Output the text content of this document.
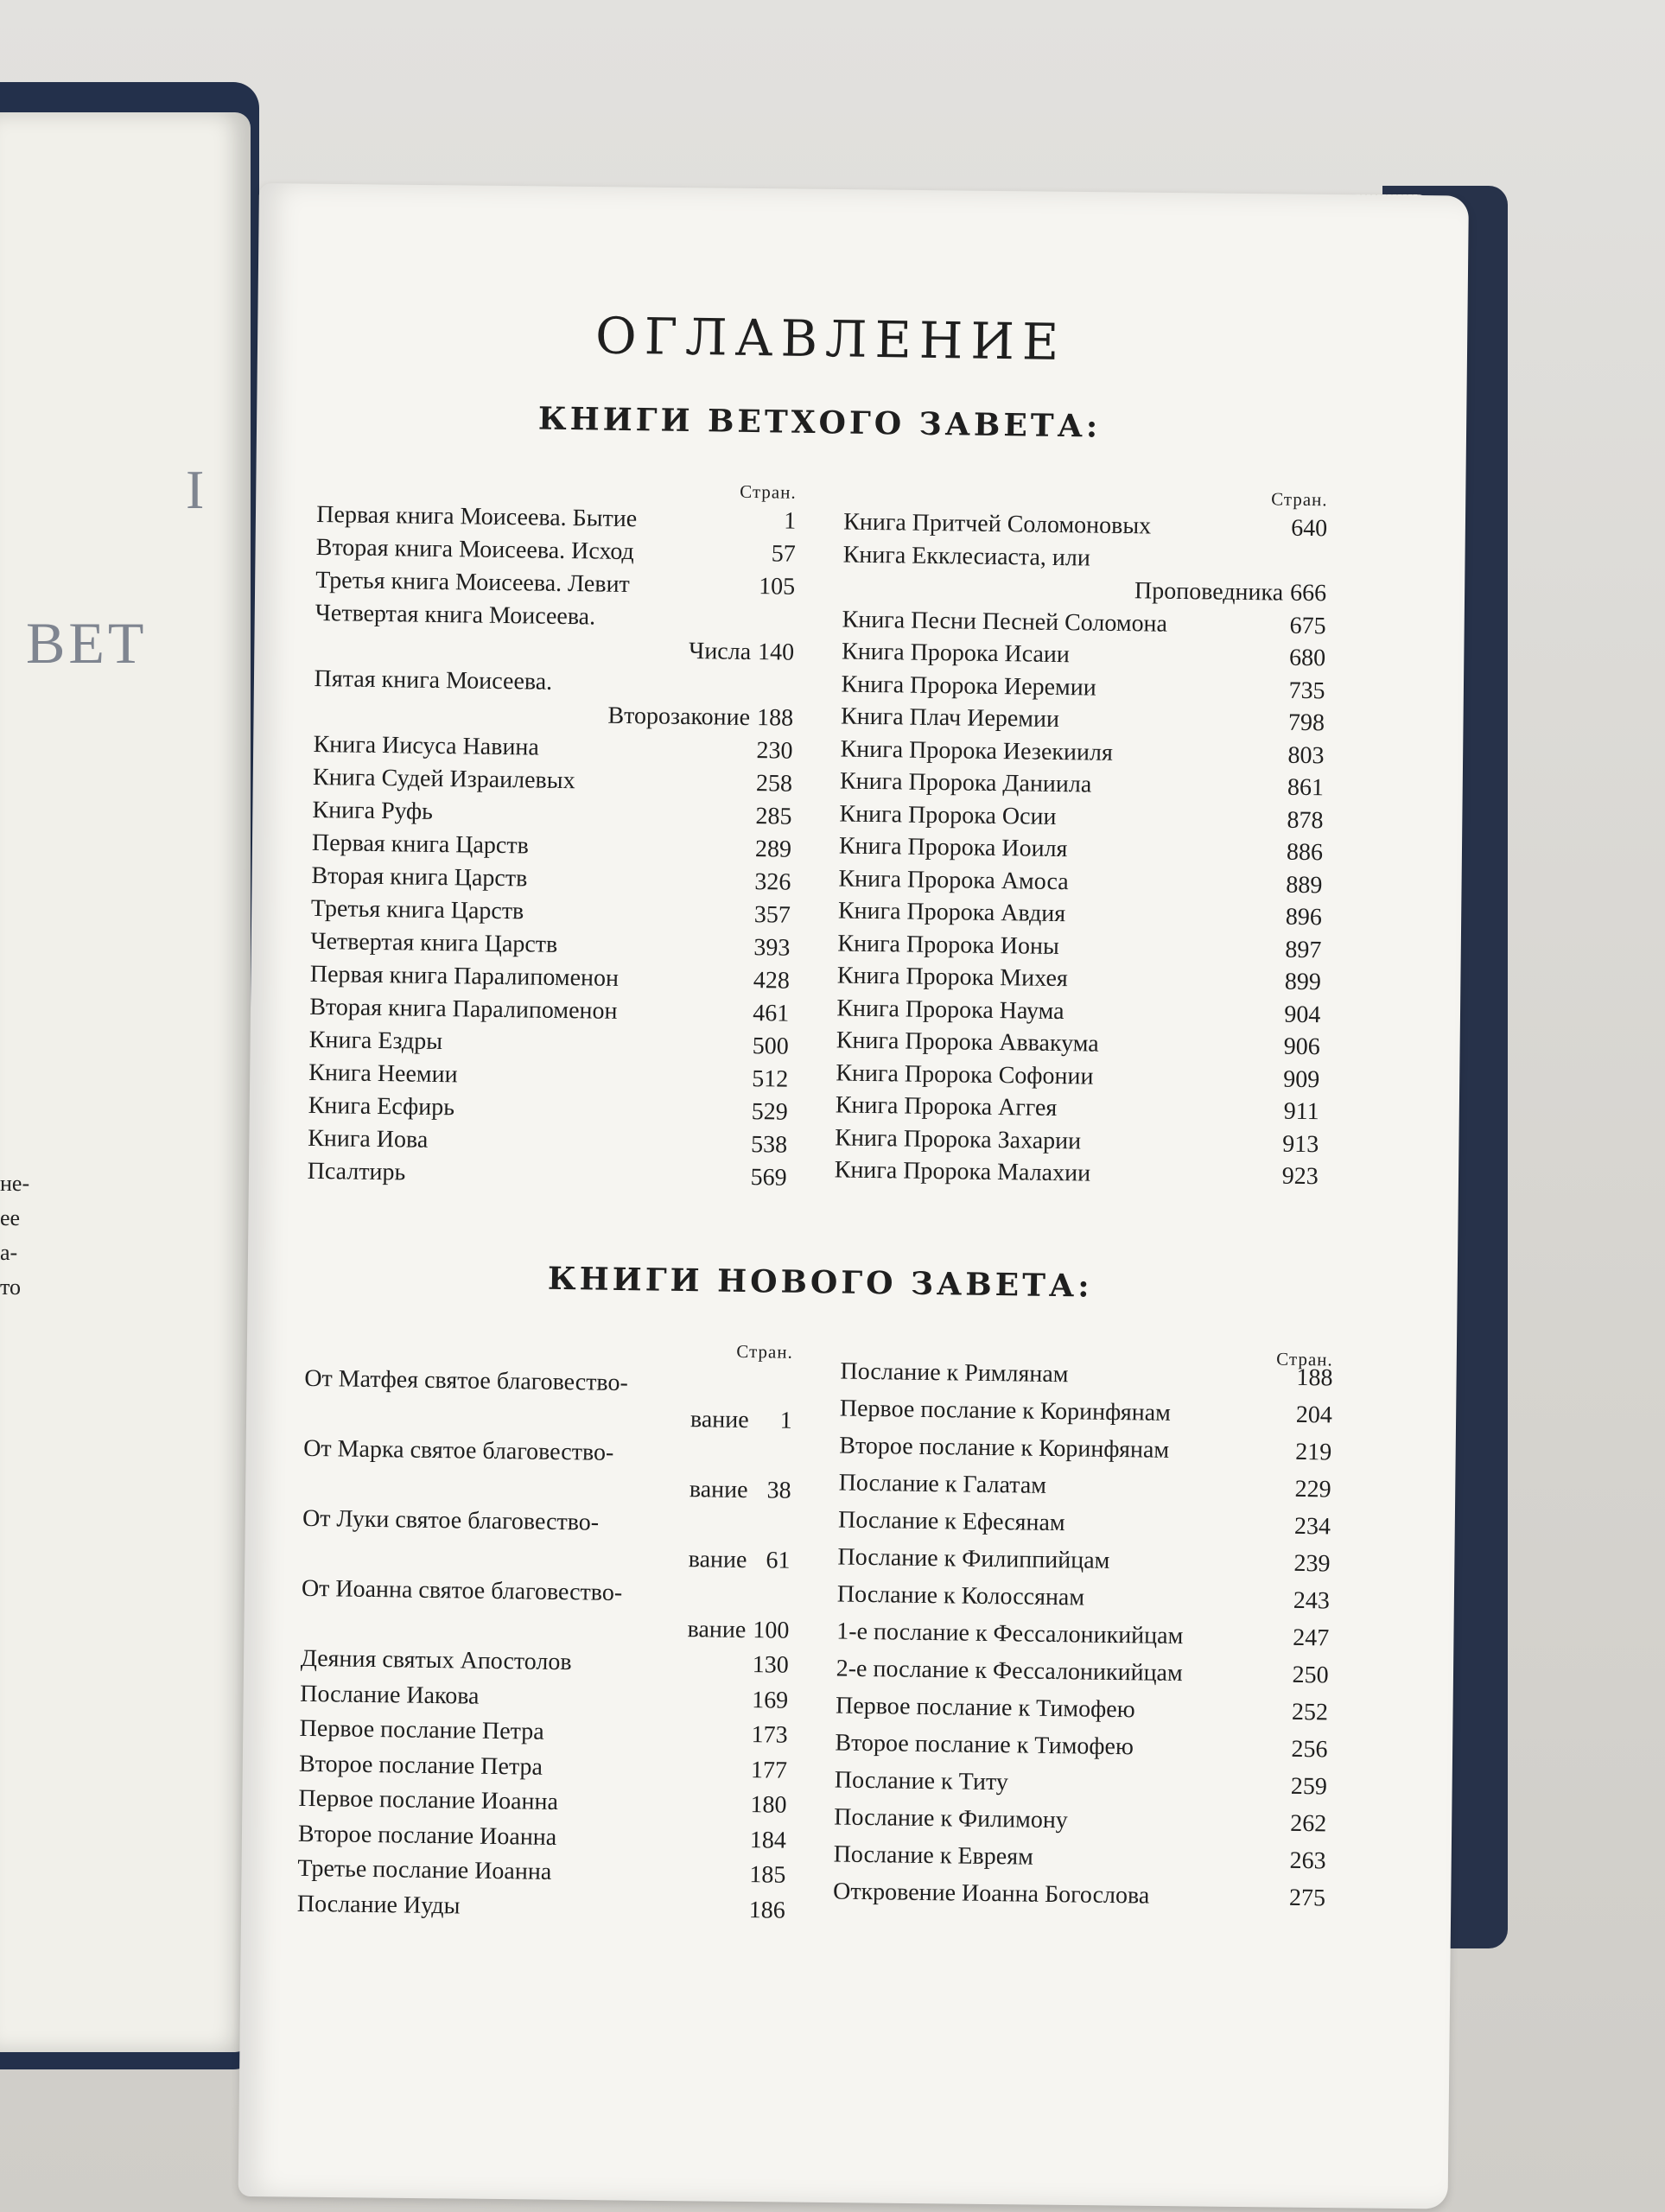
I
ВЕТ
не-
ее
а-
то
ОГЛАВЛЕНИЕ
КНИГИ ВЕТХОГО ЗАВЕТА:
Стран.
Первая книга Моисеева. Бытие	1
Вторая книга Моисеева. Исход	57
Третья книга Моисеева. Левит	105
Четвертая книга Моисеева.
Числа 140
Пятая книга Моисеева.
Второзаконие 188
Книга Иисуса Навина	230
Книга Судей Израилевых	258
Книга Руфь	285
Первая книга Царств	289
Вторая книга Царств	326
Третья книга Царств	357
Четвертая книга Царств	393
Первая книга Паралипоменон	428
Вторая книга Паралипоменон	461
Книга Ездры	500
Книга Неемии	512
Книга Есфирь	529
Книга Иова	538
Псалтирь	569
Стран.
Книга Притчей Соломоновых	640
Книга Екклесиаста, или
Проповедника 666
Книга Песни Песней Соломона	675
Книга Пророка Исаии	680
Книга Пророка Иеремии	735
Книга Плач Иеремии	798
Книга Пророка Иезекииля	803
Книга Пророка Даниила	861
Книга Пророка Осии	878
Книга Пророка Иоиля	886
Книга Пророка Амоса	889
Книга Пророка Авдия	896
Книга Пророка Ионы	897
Книга Пророка Михея	899
Книга Пророка Наума	904
Книга Пророка Аввакума	906
Книга Пророка Софонии	909
Книга Пророка Аггея	911
Книга Пророка Захарии	913
Книга Пророка Малахии	923
КНИГИ НОВОГО ЗАВЕТА:
Стран.
От Матфея святое благовество-
вание 1
От Марка святое благовество-
вание 38
От Луки святое благовество-
вание 61
От Иоанна святое благовество-
вание 100
Деяния святых Апостолов	130
Послание Иакова	169
Первое послание Петра	173
Второе послание Петра	177
Первое послание Иоанна	180
Второе послание Иоанна	184
Третье послание Иоанна	185
Послание Иуды	186
Стран.
Послание к Римлянам	188
Первое послание к Коринфянам	204
Второе послание к Коринфянам	219
Послание к Галатам	229
Послание к Ефесянам	234
Послание к Филиппийцам	239
Послание к Колоссянам	243
1-е послание к Фессалоникийцам	247
2-е послание к Фессалоникийцам	250
Первое послание к Тимофею	252
Второе послание к Тимофею	256
Послание к Титу	259
Послание к Филимону	262
Послание к Евреям	263
Откровение Иоанна Богослова	275
